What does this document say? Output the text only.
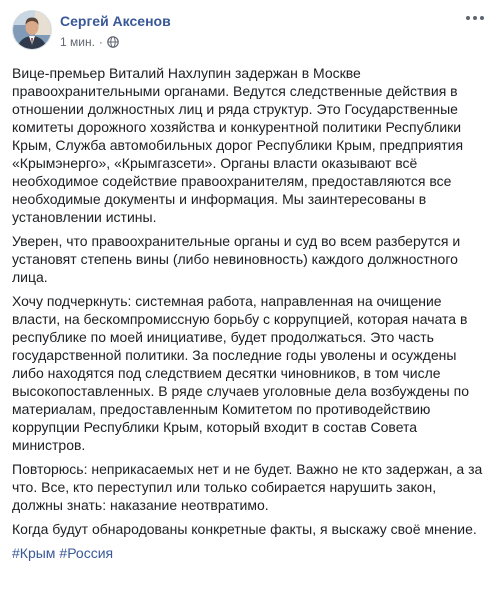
Сергей Аксенов
1 мин. ·

Вице-премьер Виталий Нахлупин задержан в Москве правоохранительными органами. Ведутся следственные действия в отношении должностных лиц и ряда структур. Это Государственные комитеты дорожного хозяйства и конкурентной политики Республики Крым, Служба автомобильных дорог Республики Крым, предприятия «Крымэнерго», «Крымгазсети». Органы власти оказывают всё необходимое содействие правоохранителям, предоставляются все необходимые документы и информация. Мы заинтересованы в установлении истины.

Уверен, что правоохранительные органы и суд во всем разберутся и установят степень вины (либо невиновность) каждого должностного лица.

Хочу подчеркнуть: системная работа, направленная на очищение власти, на бескомпромиссную борьбу с коррупцией, которая начата в республике по моей инициативе, будет продолжаться. Это часть государственной политики. За последние годы уволены и осуждены либо находятся под следствием десятки чиновников, в том числе высокопоставленных. В ряде случаев уголовные дела возбуждены по материалам, предоставленным Комитетом по противодействию коррупции Республики Крым, который входит в состав Совета министров.

Повторюсь: неприкасаемых нет и не будет. Важно не кто задержан, а за что. Все, кто переступил или только собирается нарушить закон, должны знать: наказание неотвратимо.

Когда будут обнародованы конкретные факты, я выскажу своё мнение.

#Крым #Россия
